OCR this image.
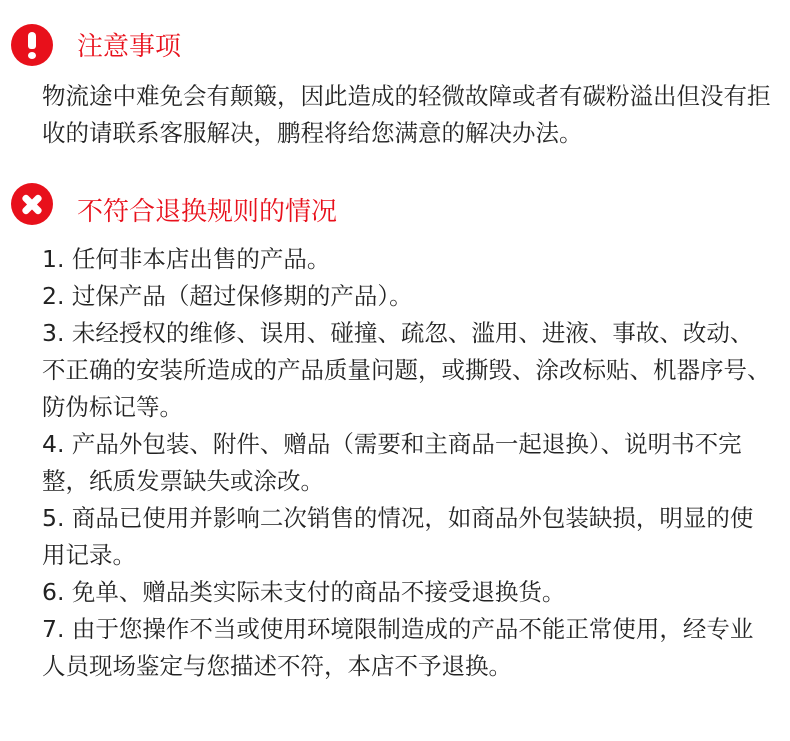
注意事项
物流途中难免会有颠簸，因此造成的轻微故障或者有碳粉溢出但没有拒收的请联系客服解决，鹏程将给您满意的解决办法。
不符合退换规则的情况

1. 任何非本店出售的产品。

2. 过保产品（超过保修期的产品）。

3. 未经授权的维修、误用、碰撞、疏忽、滥用、进液、事故、改动、不正确的安装所造成的产品质量问题，或撕毁、涂改标贴、机器序号、防伪标记等。

4. 产品外包装、附件、赠品（需要和主商品一起退换）、说明书不完整，纸质发票缺失或涂改。

5. 商品已使用并影响二次销售的情况，如商品外包装缺损，明显的使用记录。

6. 免单、赠品类实际未支付的商品不接受退换货。

7. 由于您操作不当或使用环境限制造成的产品不能正常使用，经专业人员现场鉴定与您描述不符，本店不予退换。
